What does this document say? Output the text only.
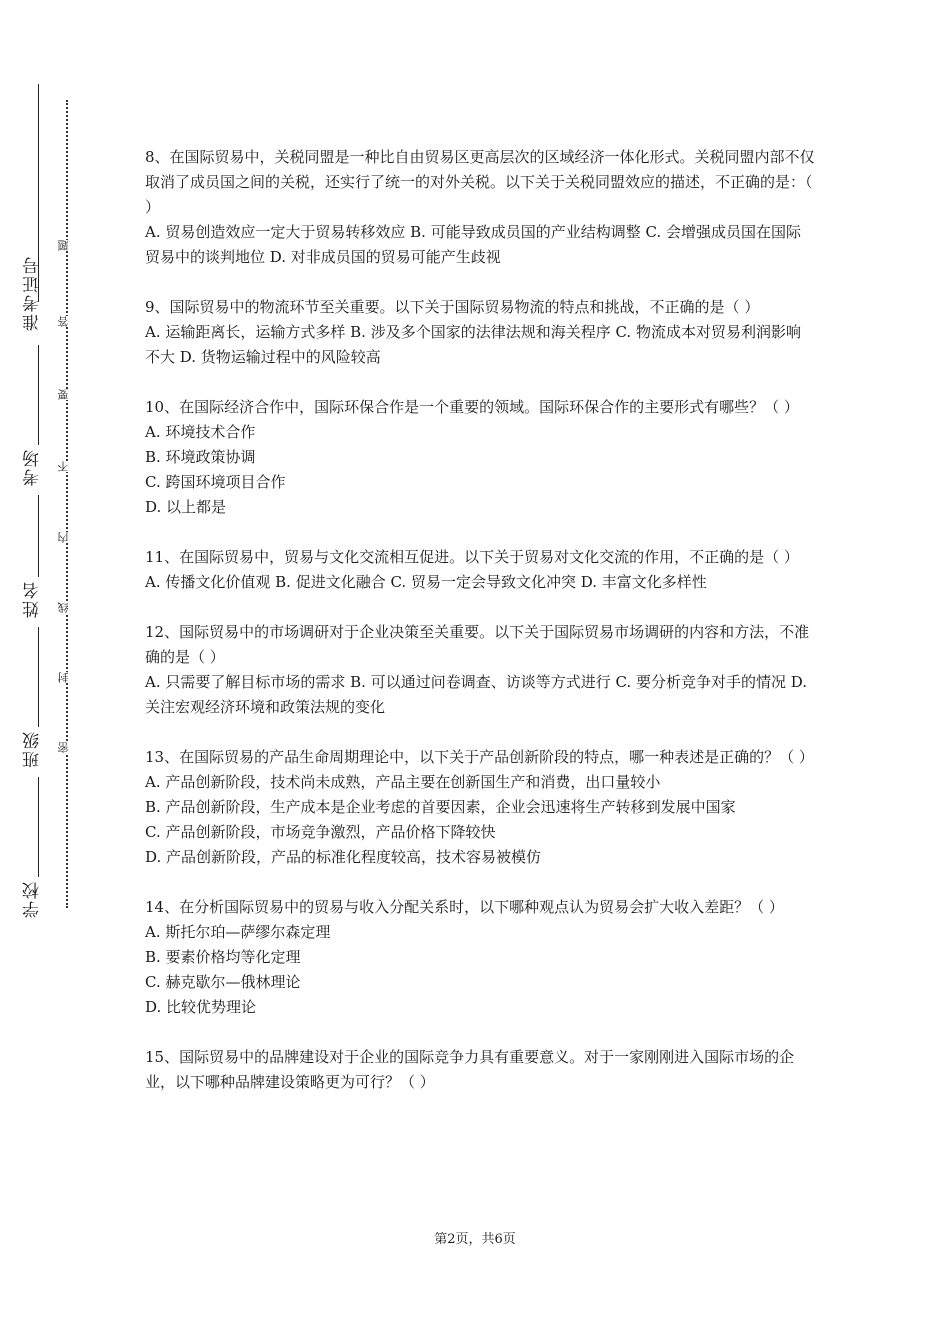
准考证号
考场
姓名
班级
学校
题
答
要
不
内
线
封
密

8、在国际贸易中，关税同盟是一种比自由贸易区更高层次的区域经济一体化形式。关税同盟内部不仅取消了成员国之间的关税，还实行了统一的对外关税。以下关于关税同盟效应的描述，不正确的是：（ ）

A. 贸易创造效应一定大于贸易转移效应 B. 可能导致成员国的产业结构调整 C. 会增强成员国在国际贸易中的谈判地位 D. 对非成员国的贸易可能产生歧视

9、国际贸易中的物流环节至关重要。以下关于国际贸易物流的特点和挑战，不正确的是（ ）

A. 运输距离长，运输方式多样 B. 涉及多个国家的法律法规和海关程序 C. 物流成本对贸易利润影响不大 D. 货物运输过程中的风险较高

10、在国际经济合作中，国际环保合作是一个重要的领域。国际环保合作的主要形式有哪些？（ ）

A. 环境技术合作

B. 环境政策协调

C. 跨国环境项目合作

D. 以上都是

11、在国际贸易中，贸易与文化交流相互促进。以下关于贸易对文化交流的作用，不正确的是（ ）

A. 传播文化价值观 B. 促进文化融合 C. 贸易一定会导致文化冲突 D. 丰富文化多样性

12、国际贸易中的市场调研对于企业决策至关重要。以下关于国际贸易市场调研的内容和方法，不准确的是（ ）

A. 只需要了解目标市场的需求 B. 可以通过问卷调查、访谈等方式进行 C. 要分析竞争对手的情况 D. 关注宏观经济环境和政策法规的变化

13、在国际贸易的产品生命周期理论中，以下关于产品创新阶段的特点，哪一种表述是正确的？（ ）

A. 产品创新阶段，技术尚未成熟，产品主要在创新国生产和消费，出口量较小

B. 产品创新阶段，生产成本是企业考虑的首要因素，企业会迅速将生产转移到发展中国家

C. 产品创新阶段，市场竞争激烈，产品价格下降较快

D. 产品创新阶段，产品的标准化程度较高，技术容易被模仿

14、在分析国际贸易中的贸易与收入分配关系时，以下哪种观点认为贸易会扩大收入差距？（ ）

A. 斯托尔珀—萨缪尔森定理

B. 要素价格均等化定理

C. 赫克歇尔—俄林理论

D. 比较优势理论

15、国际贸易中的品牌建设对于企业的国际竞争力具有重要意义。对于一家刚刚进入国际市场的企业，以下哪种品牌建设策略更为可行？（ ）

第2页，共6页
